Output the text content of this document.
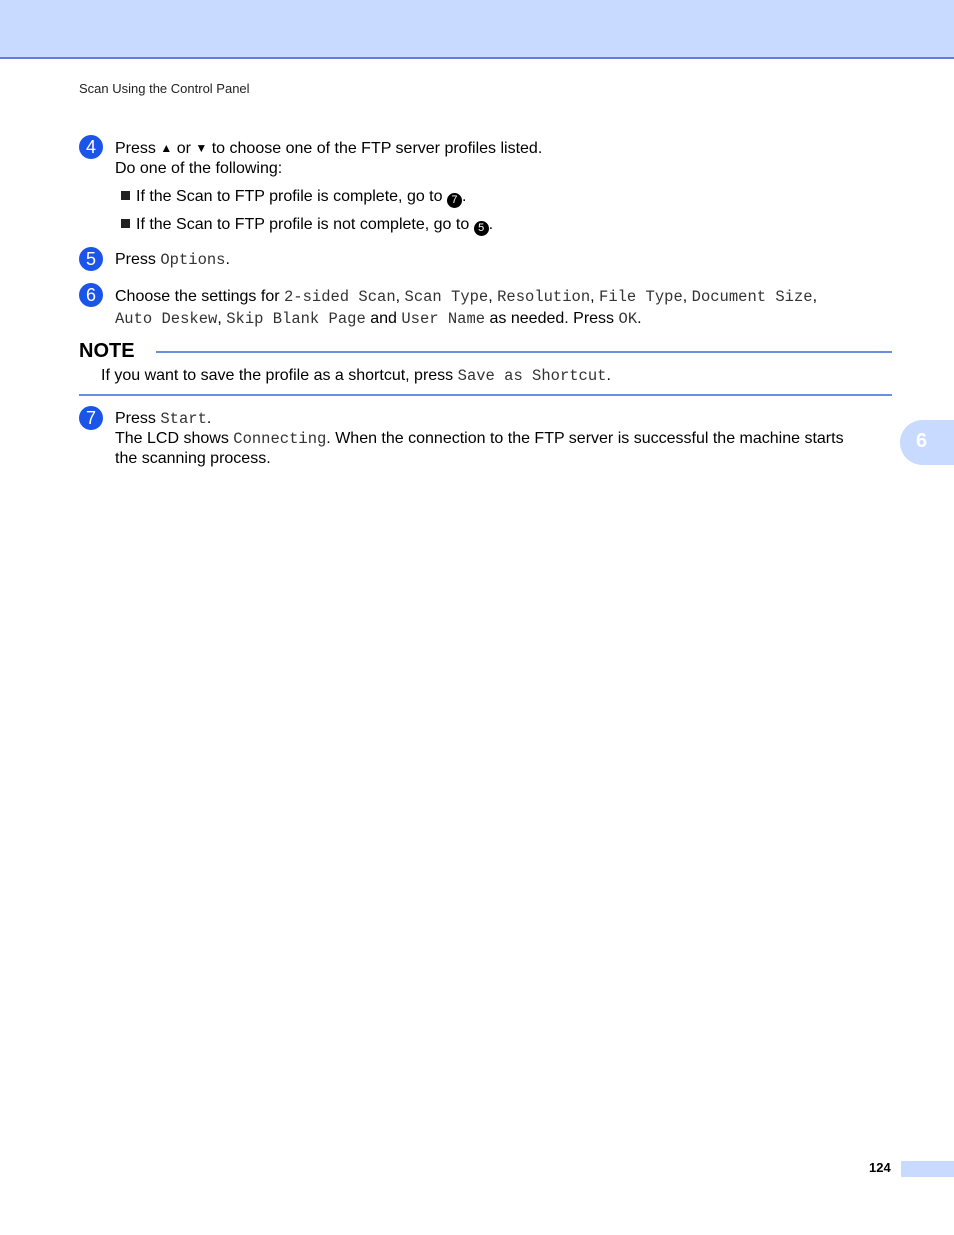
Scan Using the Control Panel
4	Press ▲ or ▼ to choose one of the FTP server profiles listed.
Do one of the following:
If the Scan to FTP profile is complete, go to 7 .
If the Scan to FTP profile is not complete, go to 5 .
5	Press Options.
6	Choose the settings for 2-sided Scan, Scan Type, Resolution, File Type, Document Size,
Auto Deskew, Skip Blank Page and User Name as needed. Press OK.
NOTE
If you want to save the profile as a shortcut, press Save as Shortcut.
7	Press Start.
The LCD shows Connecting. When the connection to the FTP server is successful the machine starts
the scanning process.
6
124
